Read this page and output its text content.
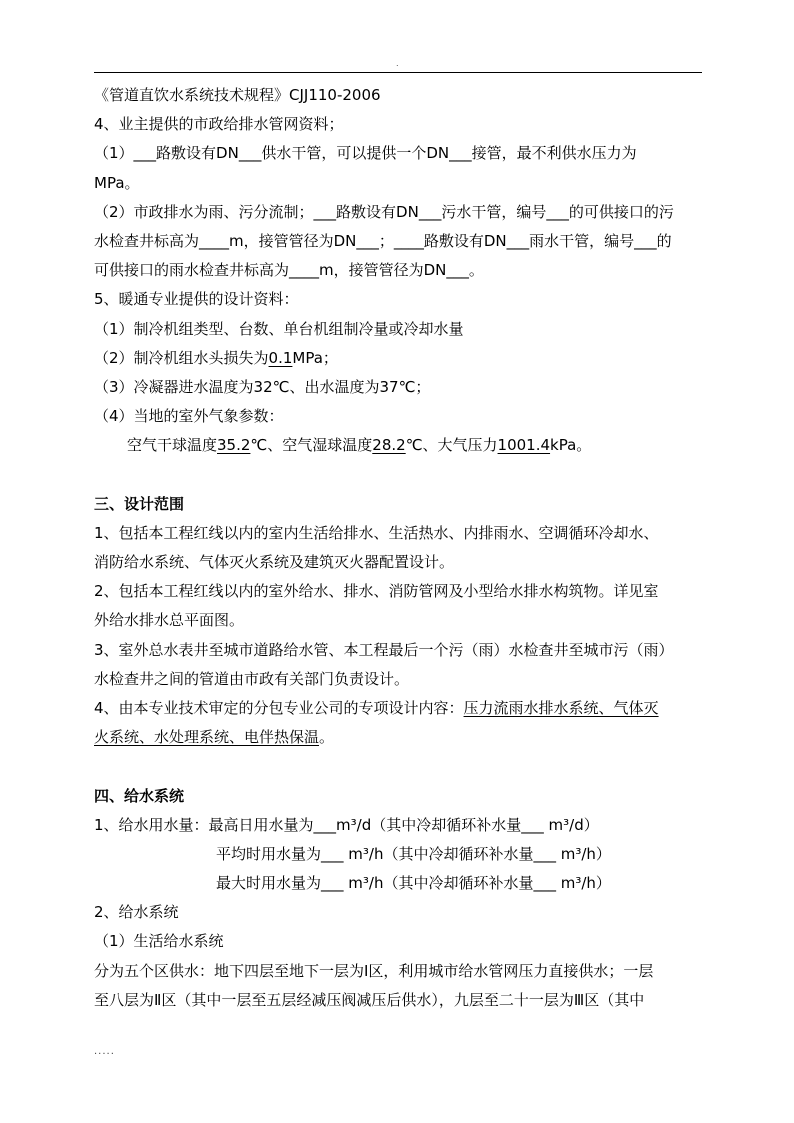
.
《管道直饮水系统技术规程》CJJ110-2006
4、业主提供的市政给排水管网资料；
（1）___路敷设有DN___供水干管，可以提供一个DN___接管，最不利供水压力为
MPa。
（2）市政排水为雨、污分流制；___路敷设有DN___污水干管，编号___的可供接口的污
水检查井标高为____m，接管管径为DN___；____路敷设有DN___雨水干管，编号___的
可供接口的雨水检查井标高为____m，接管管径为DN___。
5、暖通专业提供的设计资料：
（1）制冷机组类型、台数、单台机组制冷量或冷却水量
（2）制冷机组水头损失为0.1MPa；
（3）冷凝器进水温度为32℃、出水温度为37℃；
（4）当地的室外气象参数：
空气干球温度35.2℃、空气湿球温度28.2℃、大气压力1001.4kPa。
三、设计范围
1、包括本工程红线以内的室内生活给排水、生活热水、内排雨水、空调循环冷却水、
消防给水系统、气体灭火系统及建筑灭火器配置设计。
2、包括本工程红线以内的室外给水、排水、消防管网及小型给水排水构筑物。详见室
外给水排水总平面图。
3、室外总水表井至城市道路给水管、本工程最后一个污（雨）水检查井至城市污（雨）
水检查井之间的管道由市政有关部门负责设计。
4、由本专业技术审定的分包专业公司的专项设计内容：压力流雨水排水系统、气体灭
火系统、水处理系统、电伴热保温。
四、给水系统
1、给水用水量：最高日用水量为___m³/d（其中冷却循环补水量___ m³/d）
平均时用水量为___ m³/h（其中冷却循环补水量___ m³/h）
最大时用水量为___ m³/h（其中冷却循环补水量___ m³/h）
2、给水系统
（1）生活给水系统
分为五个区供水：地下四层至地下一层为Ⅰ区，利用城市给水管网压力直接供水；一层
至八层为Ⅱ区（其中一层至五层经减压阀减压后供水），九层至二十一层为Ⅲ区（其中
.....
